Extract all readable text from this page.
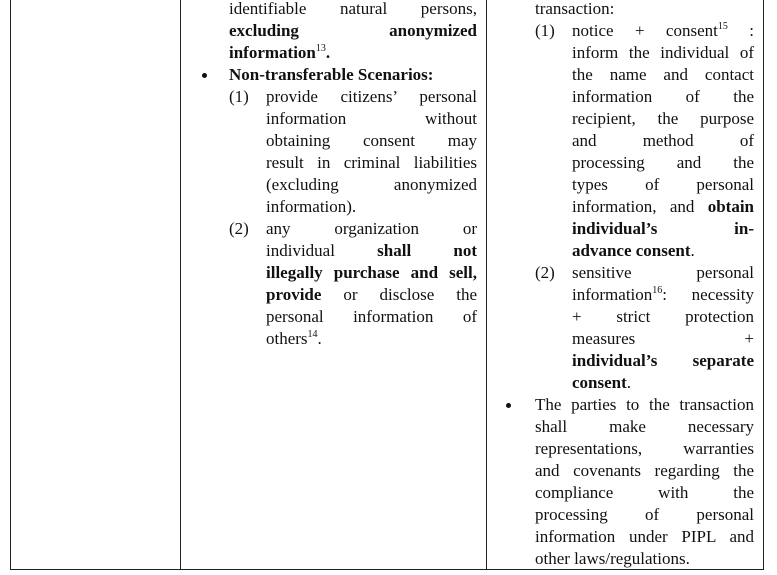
identifiable natural persons,
excluding	anonymized
information$^{13}$.
Non-transferable Scenarios:
(1) provide citizens’ personal
information without
obtaining consent may
result in criminal liabilities
(excluding anonymized
information).
(2) any organization or
individual shall not
illegally purchase and sell,
provide or disclose the
personal information of
others$^{14}$.
transaction:
(1) notice + consent$^{15}$ :
inform the individual of
the name and contact
information of the
recipient, the purpose
and method of
processing and the
types of personal
information, and obtain
individual’s in-
advance consent.
(2) sensitive personal
information$^{16}$: necessity
+ strict protection
measures +
individual’s separate
consent.
The parties to the transaction
shall make necessary
representations, warranties
and covenants regarding the
compliance with the
processing of personal
information under PIPL and
other laws/regulations.
